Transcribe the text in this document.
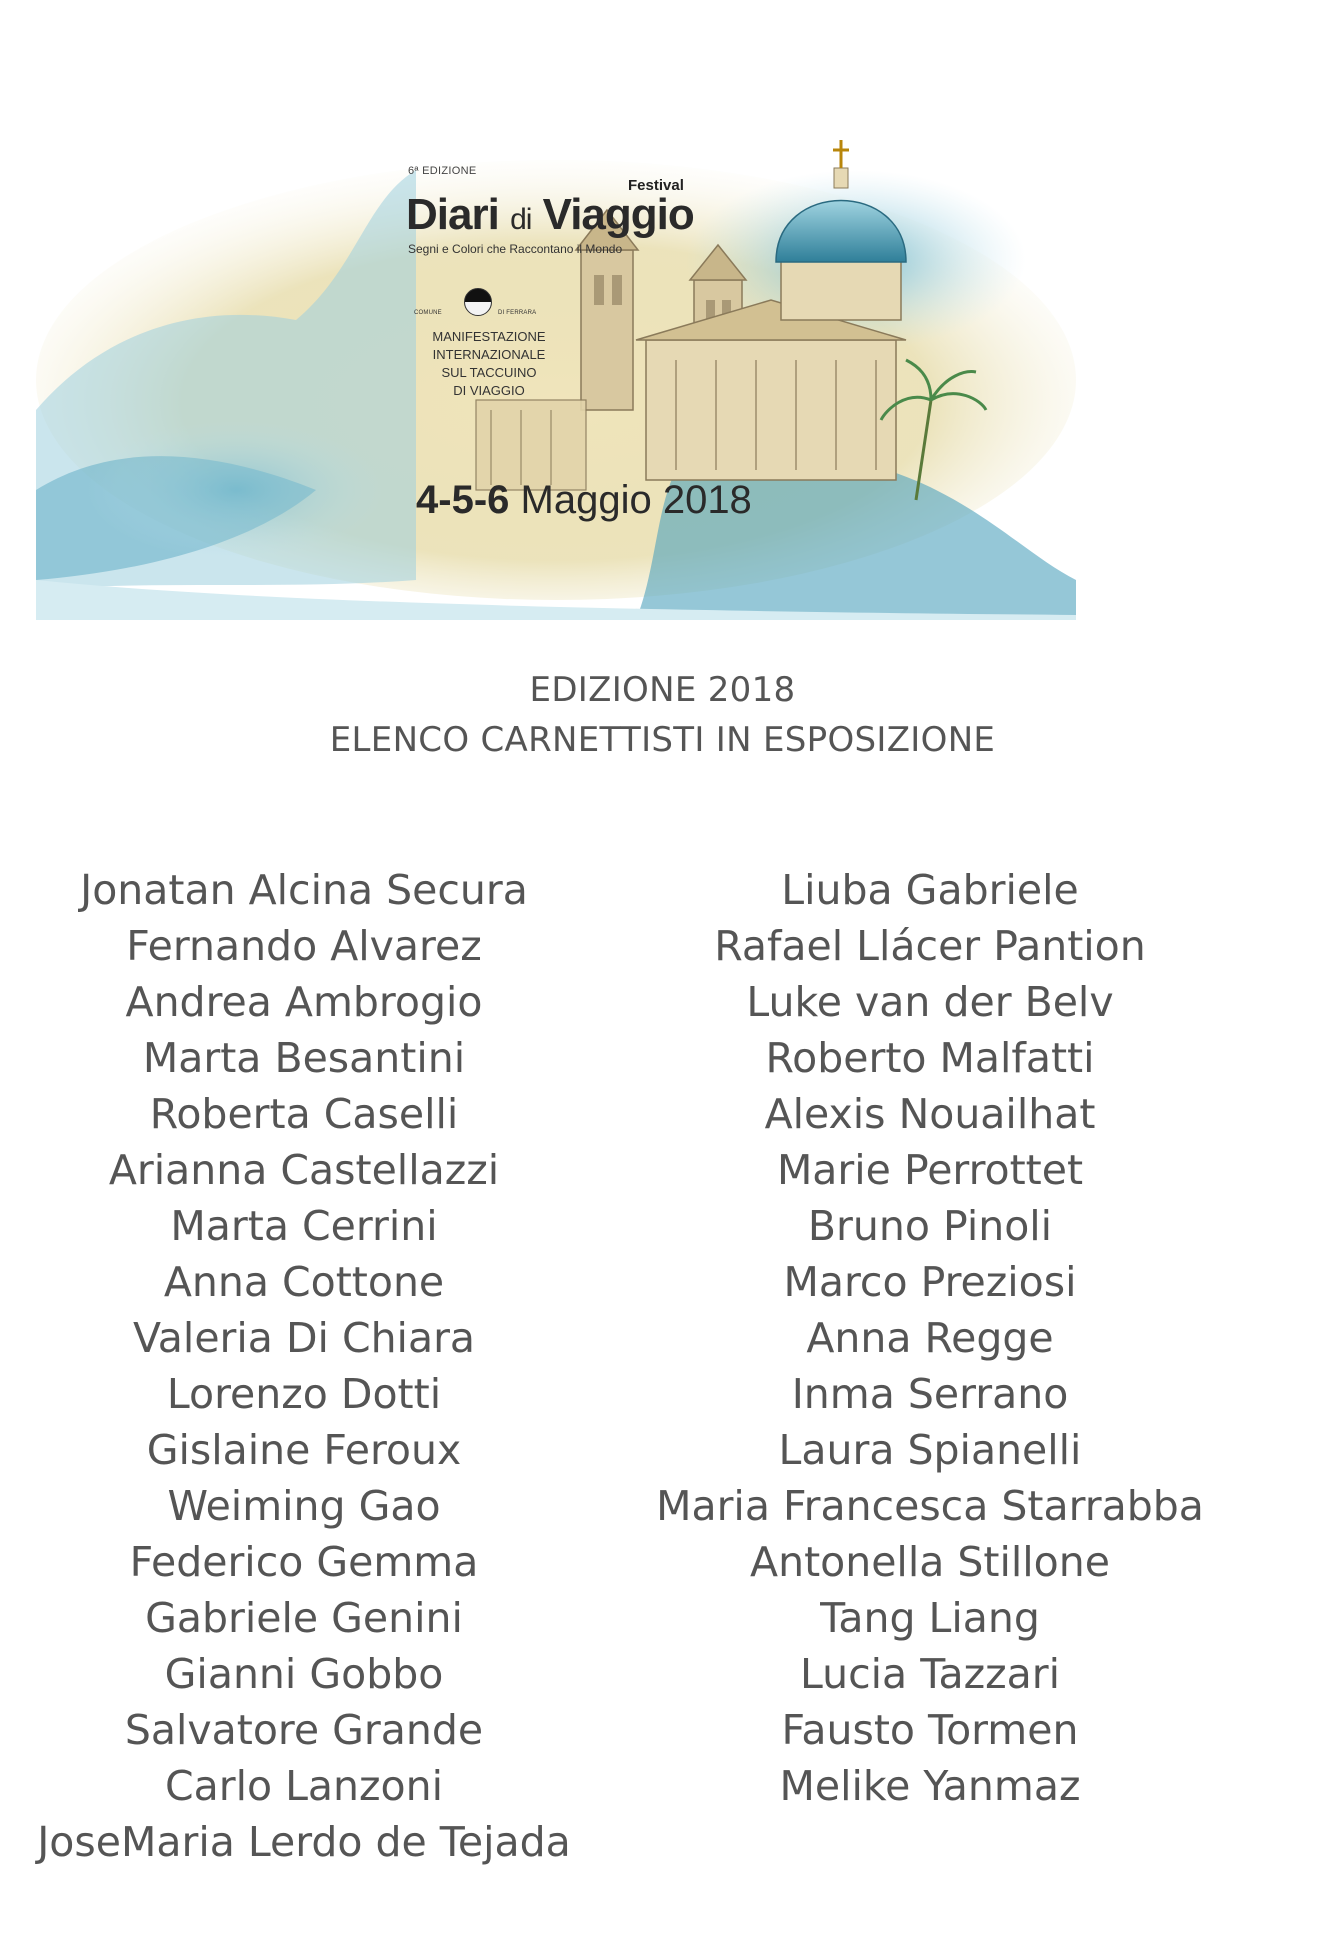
6ª EDIZIONE
Festival
Diari di Viaggio
Segni e Colori che Raccontano il Mondo
COMUNE	DI FERRARA
MANIFESTAZIONE
INTERNAZIONALE
SUL TACCUINO
DI VIAGGIO
4-5-6 Maggio 2018
EDIZIONE 2018
ELENCO CARNETTISTI IN ESPOSIZIONE
Jonatan Alcina Secura
Fernando Alvarez
Andrea Ambrogio
Marta Besantini
Roberta Caselli
Arianna Castellazzi
Marta Cerrini
Anna Cottone
Valeria Di Chiara
Lorenzo Dotti
Gislaine Feroux
Weiming Gao
Federico Gemma
Gabriele Genini
Gianni Gobbo
Salvatore Grande
Carlo Lanzoni
JoseMaria Lerdo de Tejada
Liuba Gabriele
Rafael Llácer Pantion
Luke van der Belv
Roberto Malfatti
Alexis Nouailhat
Marie Perrottet
Bruno Pinoli
Marco Preziosi
Anna Regge
Inma Serrano
Laura Spianelli
Maria Francesca Starrabba
Antonella Stillone
Tang Liang
Lucia Tazzari
Fausto Tormen
Melike Yanmaz
